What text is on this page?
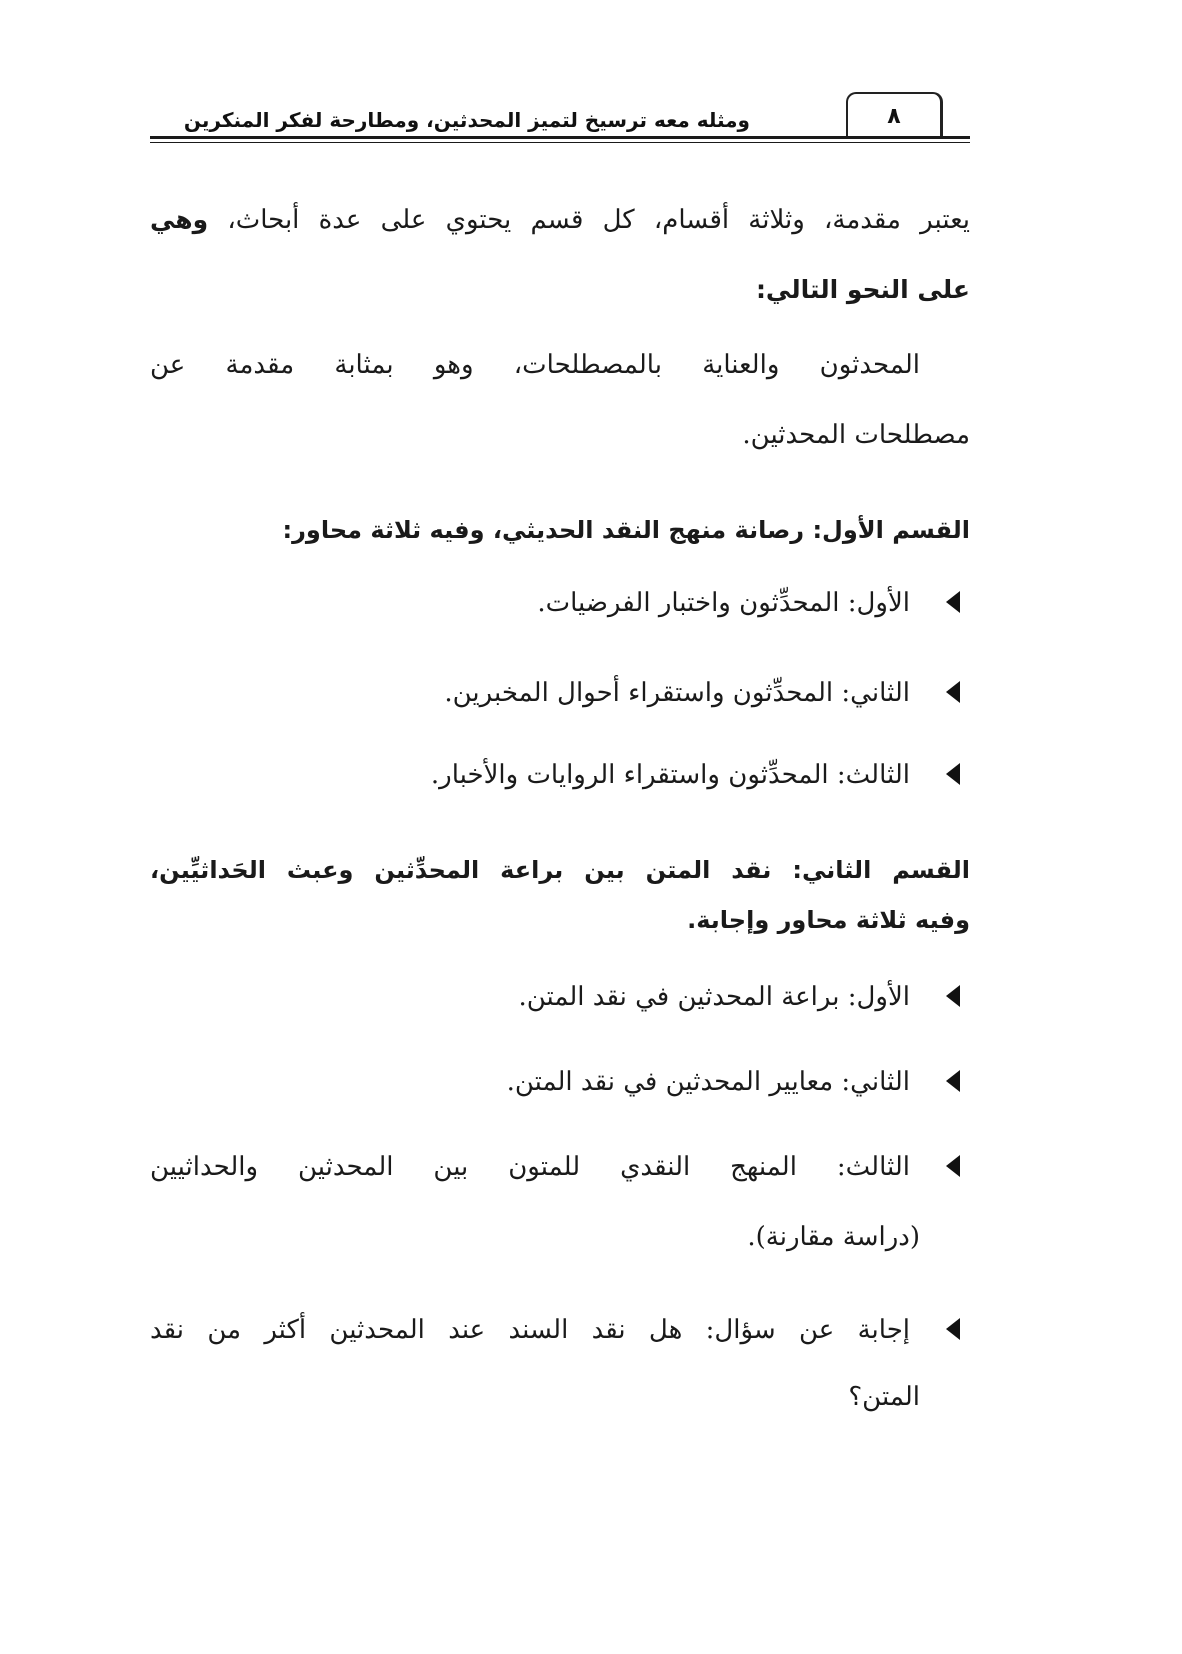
ومثله معه ترسيخ لتميز المحدثين، ومطارحة لفكر المنكرين	٨
يعتبر مقدمة، وثلاثة أقسام، كل قسم يحتوي على عدة أبحاث، وهي
على النحو التالي:
المحدثون والعناية بالمصطلحات، وهو بمثابة مقدمة عن
مصطلحات المحدثين.
القسم الأول: رصانة منهج النقد الحديثي، وفيه ثلاثة محاور:
الأول: المحدِّثون واختبار الفرضيات.
الثاني: المحدِّثون واستقراء أحوال المخبرين.
الثالث: المحدِّثون واستقراء الروايات والأخبار.
القسم الثاني: نقد المتن بين براعة المحدِّثين وعبث الحَداثيِّين،
وفيه ثلاثة محاور وإجابة.
الأول: براعة المحدثين في نقد المتن.
الثاني: معايير المحدثين في نقد المتن.
الثالث: المنهج النقدي للمتون بين المحدثين والحداثيين
(دراسة مقارنة).
إجابة عن سؤال: هل نقد السند عند المحدثين أكثر من نقد
المتن؟
